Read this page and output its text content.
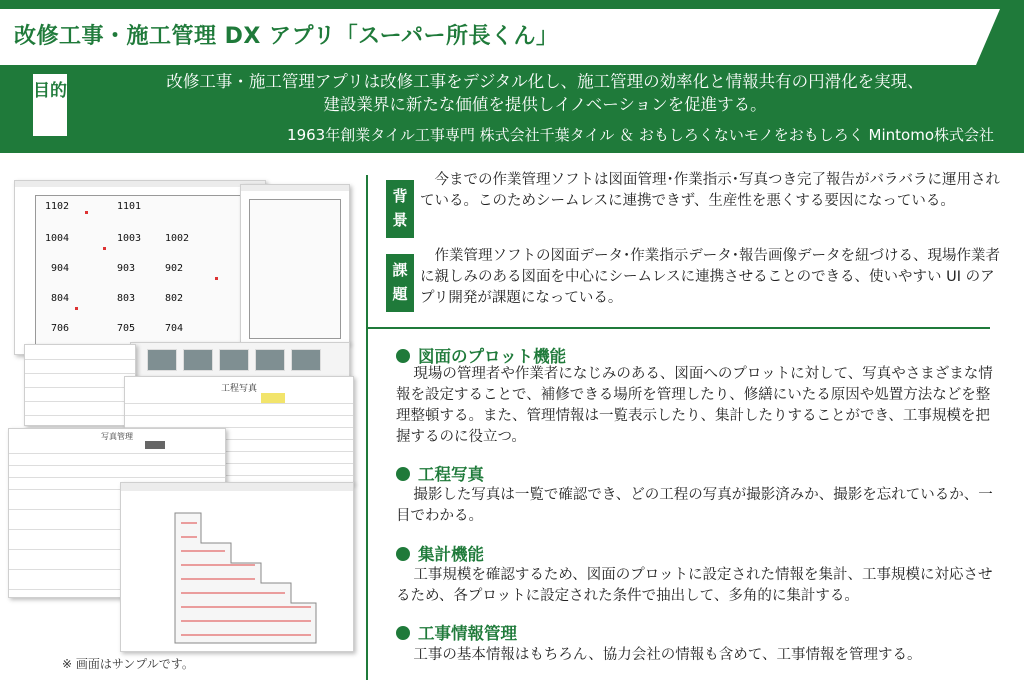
改修工事・施工管理 DX アプリ「スーパー所長くん」
目的	改修工事・施工管理アプリは改修工事をデジタル化し、施工管理の効率化と情報共有の円滑化を実現、

建設業界に新たな価値を提供しイノベーションを促進する。

1963年創業タイル工事専門 株式会社千葉タイル ＆ おもしろくないモノをおもしろく Mintomo株式会社
1102	1101
1004	1003 1002
904	903	902
804	803	802
706	705	704
工程写真
写真管理
※ 画面はサンプルです。
背景
今までの作業管理ソフトは図面管理･作業指示･写真つき完了報告がバラバラに運用されている。このためシームレスに連携できず、生産性を悪くする要因になっている。
課題
作業管理ソフトの図面データ･作業指示データ･報告画像データを紐づける、現場作業者に親しみのある図面を中心にシームレスに連携させることのできる、使いやすい UI のアプリ開発が課題になっている。
図面のプロット機能
現場の管理者や作業者になじみのある、図面へのプロットに対して、写真やさまざまな情報を設定することで、補修できる場所を管理したり、修繕にいたる原因や処置方法などを整理整頓する。また、管理情報は一覧表示したり、集計したりすることができ、工事規模を把握するのに役立つ。
工程写真
撮影した写真は一覧で確認でき、どの工程の写真が撮影済みか、撮影を忘れているか、一目でわかる。
集計機能
工事規模を確認するため、図面のプロットに設定された情報を集計、工事規模に対応させるため、各プロットに設定された条件で抽出して、多角的に集計する。
工事情報管理
工事の基本情報はもちろん、協力会社の情報も含めて、工事情報を管理する。
